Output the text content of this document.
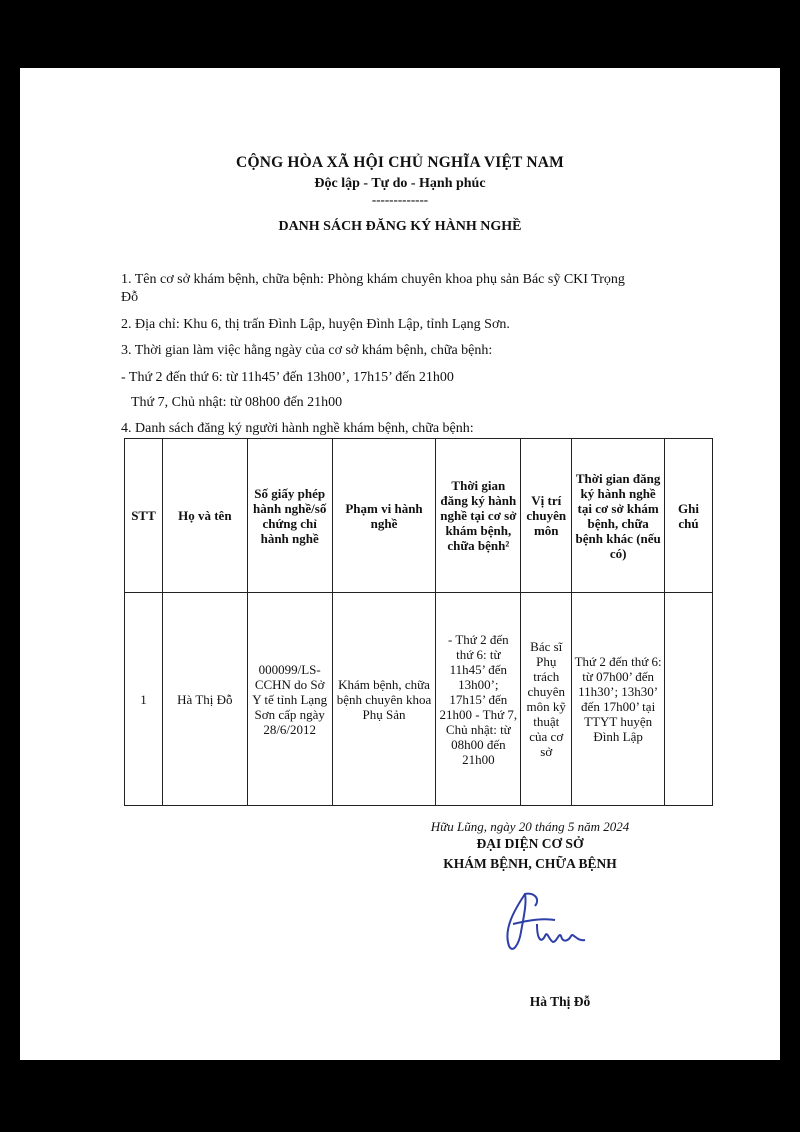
CỘNG HÒA XÃ HỘI CHỦ NGHĨA VIỆT NAM
Độc lập - Tự do - Hạnh phúc
-------------
DANH SÁCH ĐĂNG KÝ HÀNH NGHỀ
1. Tên cơ sở khám bệnh, chữa bệnh: Phòng khám chuyên khoa phụ sản Bác sỹ CKI Trọng
Đỗ
2. Địa chỉ: Khu 6, thị trấn Đình Lập, huyện Đình Lập, tỉnh Lạng Sơn.
3. Thời gian làm việc hằng ngày của cơ sở khám bệnh, chữa bệnh:
- Thứ 2 đến thứ 6: từ 11h45’ đến 13h00’, 17h15’ đến 21h00
Thứ 7, Chủ nhật: từ 08h00 đến 21h00
4. Danh sách đăng ký người hành nghề khám bệnh, chữa bệnh:
STT	Họ và tên	Số giấy phép hành nghề/số chứng chỉ hành nghề	Phạm vi hành nghề	Thời gian đăng ký hành nghề tại cơ sở khám bệnh, chữa bệnh²	Vị trí chuyên môn	Thời gian đăng ký hành nghề tại cơ sở khám bệnh, chữa bệnh khác (nếu có)	Ghi chú
1	Hà Thị Đỗ	000099/LS-CCHN do Sở Y tế tỉnh Lạng Sơn cấp ngày 28/6/2012	Khám bệnh, chữa bệnh chuyên khoa Phụ Sản	- Thứ 2 đến thứ 6: từ 11h45’ đến 13h00’; 17h15’ đến 21h00 - Thứ 7, Chủ nhật: từ 08h00 đến 21h00	Bác sĩ Phụ trách chuyên môn kỹ thuật của cơ sở	Thứ 2 đến thứ 6: từ 07h00’ đến 11h30’; 13h30’ đến 17h00’ tại TTYT huyện Đình Lập	
Hữu Lũng, ngày 20 tháng 5 năm 2024
ĐẠI DIỆN CƠ SỞ
KHÁM BỆNH, CHỮA BỆNH
Hà Thị Đỗ
